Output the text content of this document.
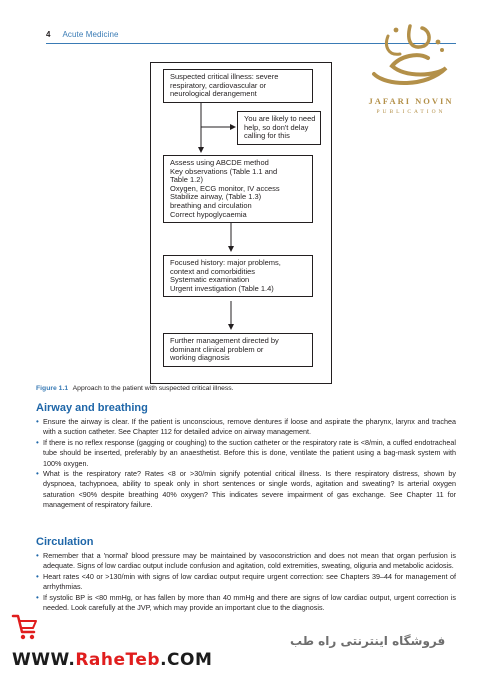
4 Acute Medicine
JAFARI NOVIN
PUBLICATION
Suspected critical illness: severe
respiratory, cardiovascular or
neurological derangement
You are likely to need
help, so don't delay
calling for this
Assess using ABCDE method
Key observations (Table 1.1 and
Table 1.2)
Oxygen, ECG monitor, IV access
Stabilize airway, (Table 1.3)
breathing and circulation
Correct hypoglycaemia
Focused history: major problems,
context and comorbidities
Systematic examination
Urgent investigation (Table 1.4)
Further management directed by
dominant clinical problem or
working diagnosis
Figure 1.1 Approach to the patient with suspected critical illness.
Airway and breathing
• Ensure the airway is clear. If the patient is unconscious, remove dentures if loose and aspirate the pharynx, larynx and trachea with a suction catheter. See Chapter 112 for detailed advice on airway management.
• If there is no reflex response (gagging or coughing) to the suction catheter or the respiratory rate is <8/min, a cuffed endotracheal tube should be inserted, preferably by an anaesthetist. Before this is done, ventilate the patient using a bag-mask system with 100% oxygen.
• What is the respiratory rate? Rates <8 or >30/min signify potential critical illness. Is there respiratory distress, shown by dyspnoea, tachypnoea, ability to speak only in short sentences or single words, agitation and sweating? Is arterial oxygen saturation <90% despite breathing 40% oxygen? This indicates severe impairment of gas exchange. See Chapter 11 for management of respiratory failure.
Circulation
• Remember that a 'normal' blood pressure may be maintained by vasoconstriction and does not mean that organ perfusion is adequate. Signs of low cardiac output include confusion and agitation, cold extremities, sweating, oliguria and metabolic acidosis.
• Heart rates <40 or >130/min with signs of low cardiac output require urgent correction: see Chapters 39–44 for management of arrhythmias.
• If systolic BP is <80 mmHg, or has fallen by more than 40 mmHg and there are signs of low cardiac output, urgent correction is needed. Look carefully at the JVP, which may provide an important clue to the diagnosis.
فروشگاه اینترنتی راه طب
WWW.RaheTeb.COM
